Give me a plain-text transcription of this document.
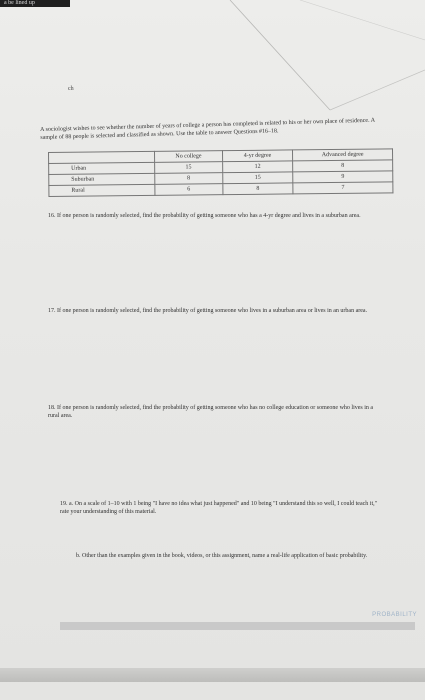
a be lined up
ch
A sociologist wishes to see whether the number of years of college a person has completed is related to his or her own place of residence. A sample of 88 people is selected and classified as shown. Use the table to answer Questions #16–18.
	No college	4-yr degree	Advanced degree
Urban	15	12	8
Suburban	8	15	9
Rural	6	8	7
16. If one person is randomly selected, find the probability of getting someone who has a 4-yr degree and lives in a suburban area.
17. If one person is randomly selected, find the probability of getting someone who lives in a suburban area or lives in an urban area.
18. If one person is randomly selected, find the probability of getting someone who has no college education or someone who lives in a rural area.
19. a. On a scale of 1–10 with 1 being "I have no idea what just happened" and 10 being "I understand this so well, I could teach it," rate your understanding of this material.
b. Other than the examples given in the book, videos, or this assignment, name a real-life application of basic probability.
PROBABILITY
